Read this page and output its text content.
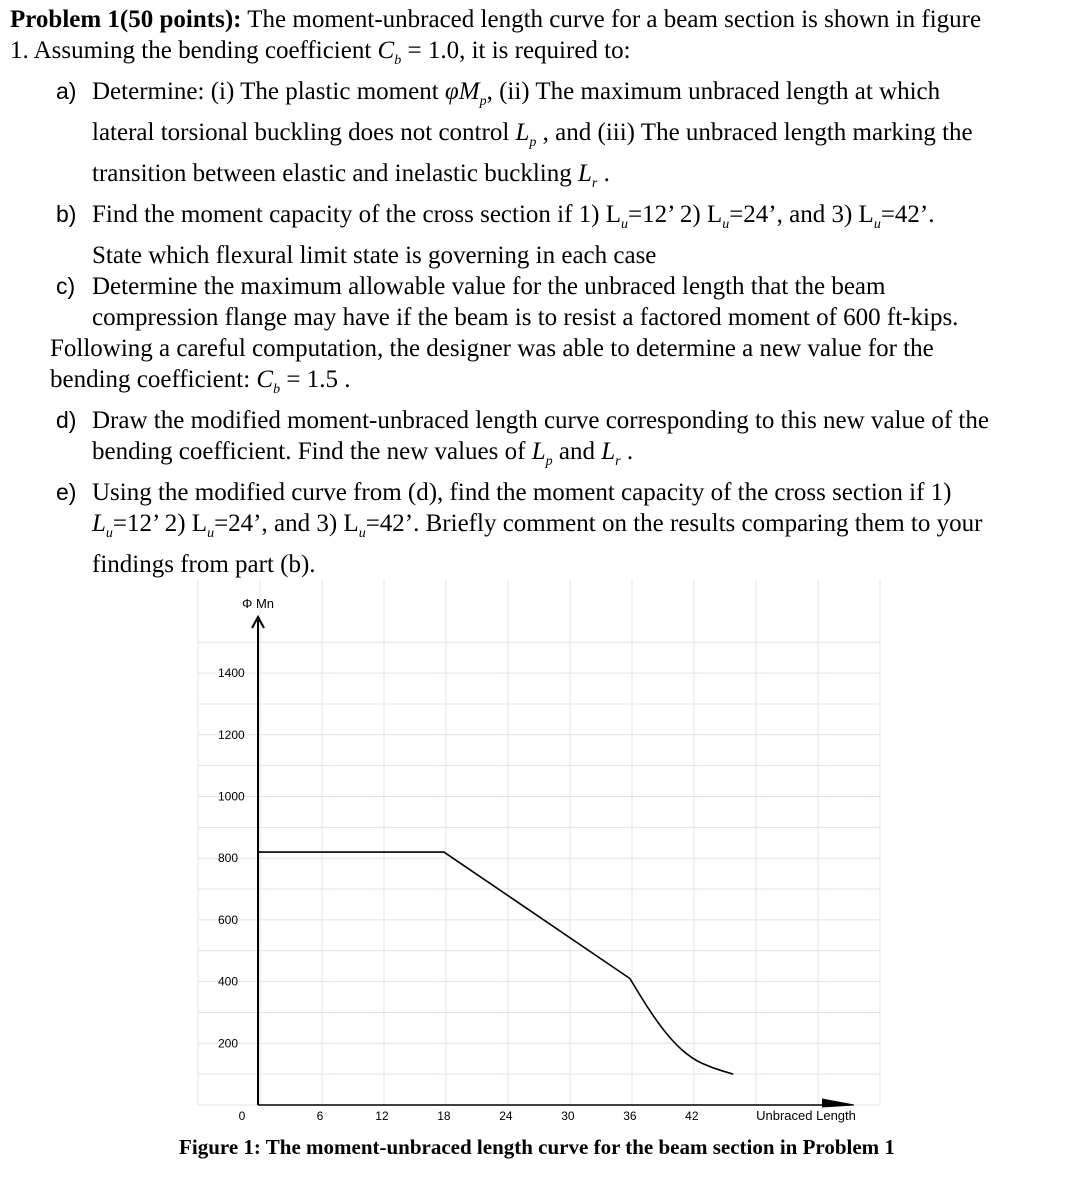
Problem 1(50 points): The moment-unbraced length curve for a beam section is shown in figure
1. Assuming the bending coefficient $C_b = 1.0$, it is required to:

a) Determine: (i) The plastic moment $\varphi M_p$, (ii) The maximum unbraced length at which
lateral torsional buckling does not control $L_p$ , and (iii) The unbraced length marking the
transition between elastic and inelastic buckling $L_r$ .
b) Find the moment capacity of the cross section if 1) $L_u=12$’ 2) $L_u=24$’, and 3) $L_u=42$’.
State which flexural limit state is governing in each case
c) Determine the maximum allowable value for the unbraced length that the beam
compression flange may have if the beam is to resist a factored moment of 600 ft-kips.

Following a careful computation, the designer was able to determine a new value for the
bending coefficient: $C_b = 1.5$ .

d) Draw the modified moment-unbraced length curve corresponding to this new value of the
bending coefficient. Find the new values of $L_p$ and $L_r$ .
e) Using the modified curve from (d), find the moment capacity of the cross section if 1)
$L_u=12$’ 2) $L_u=24$’, and 3) $L_u=42$’. Briefly comment on the results comparing them to your
findings from part (b).
Φ Mn
Unbraced Length
200
400
600
800
1000
1200
1400
0	6	12	18	24	30	36	42
Figure 1: The moment-unbraced length curve for the beam section in Problem 1
